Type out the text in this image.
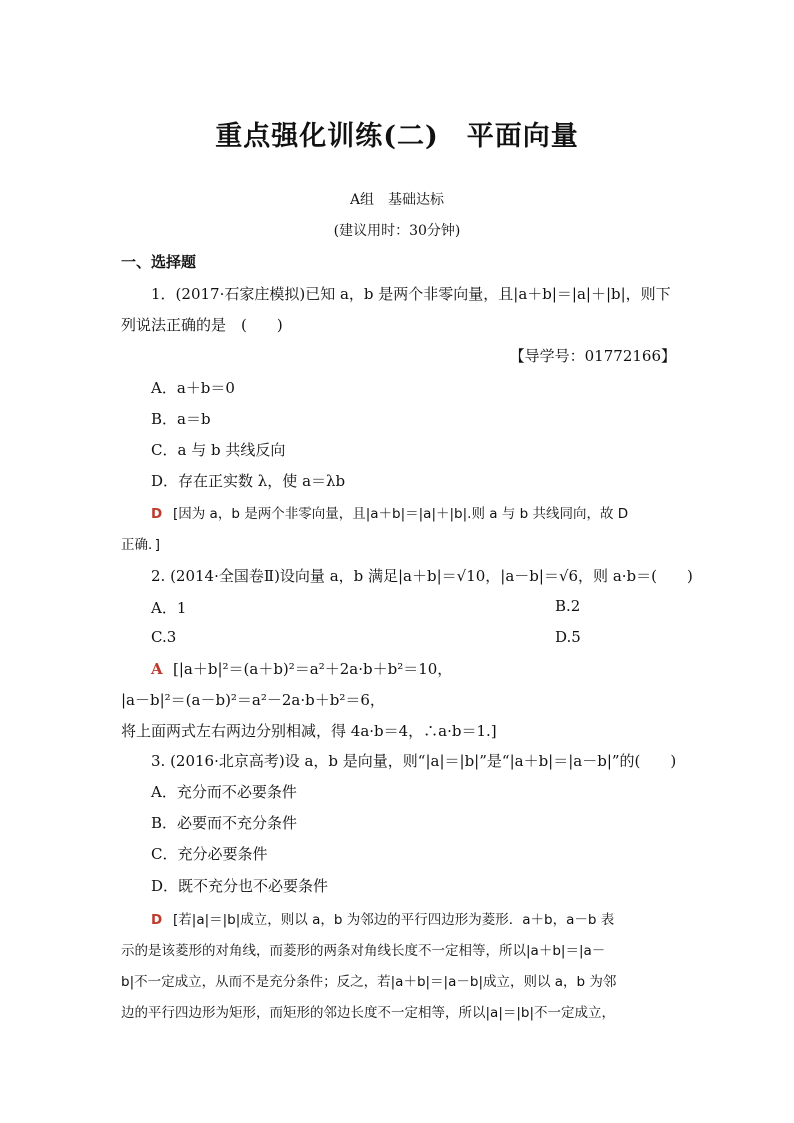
重点强化训练(二)　平面向量
A组　基础达标
(建议用时：30分钟)
一、选择题
1．(2017·石家庄模拟)已知 a，b 是两个非零向量，且|a＋b|＝|a|＋|b|，则下
列说法正确的是　(　　)
【导学号：01772166】
A．a＋b＝0
B．a＝b
C．a 与 b 共线反向
D．存在正实数 λ，使 a＝λb
D [因为 a，b 是两个非零向量，且|a＋b|＝|a|＋|b|.则 a 与 b 共线同向，故 D
正确．]
2. (2014·全国卷Ⅱ)设向量 a，b 满足|a＋b|＝√10，|a－b|＝√6，则 a·b＝(　　)
A．1	B.2
C.3	D.5
A [|a＋b|²＝(a＋b)²＝a²＋2a·b＋b²＝10，
|a－b|²＝(a－b)²＝a²－2a·b＋b²＝6，
将上面两式左右两边分别相减，得 4a·b＝4，∴a·b＝1.]
3. (2016·北京高考)设 a，b 是向量，则“|a|＝|b|”是“|a＋b|＝|a－b|”的(　　)
A．充分而不必要条件
B．必要而不充分条件
C．充分必要条件
D．既不充分也不必要条件
D [若|a|＝|b|成立，则以 a，b 为邻边的平行四边形为菱形．a＋b，a－b 表
示的是该菱形的对角线，而菱形的两条对角线长度不一定相等，所以|a＋b|＝|a－
b|不一定成立，从而不是充分条件；反之，若|a＋b|＝|a－b|成立，则以 a，b 为邻
边的平行四边形为矩形，而矩形的邻边长度不一定相等，所以|a|＝|b|不一定成立，
